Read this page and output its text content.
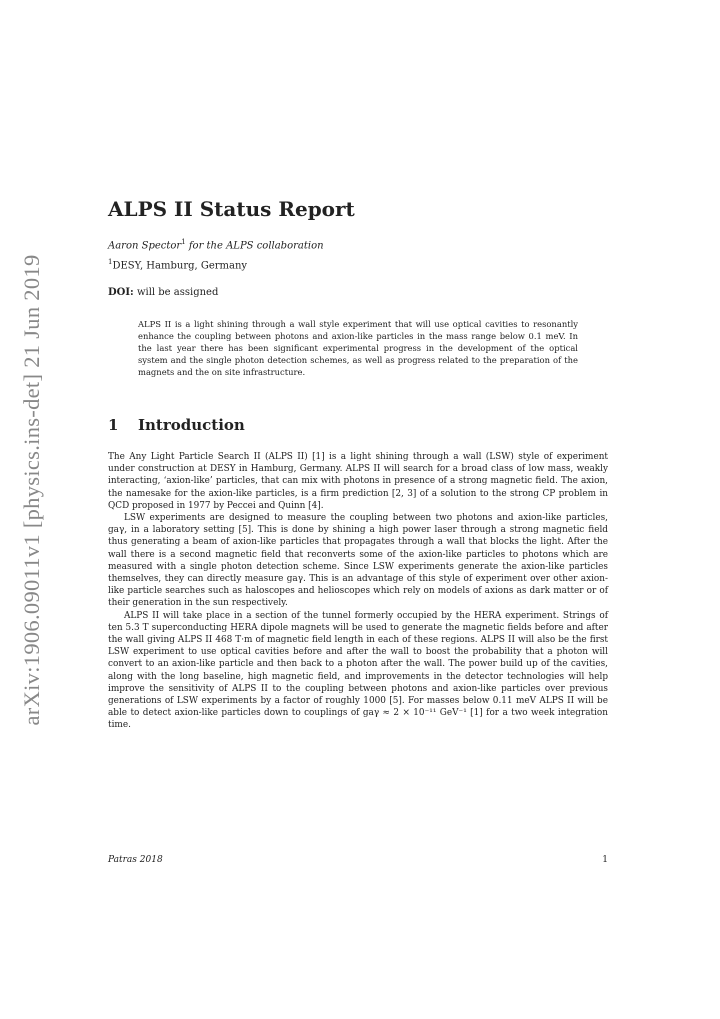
arXiv:1906.09011v1 [physics.ins-det] 21 Jun 2019
ALPS II Status Report
Aaron Spector$^1$ for the ALPS collaboration
$^1$DESY, Hamburg, Germany
DOI: will be assigned

ALPS II is a light shining through a wall style experiment that will use optical cavities to resonantly enhance the coupling between photons and axion-like particles in the mass range below 0.1 meV. In the last year there has been significant experimental progress in the development of the optical system and the single photon detection schemes, as well as progress related to the preparation of the magnets and the on site infrastructure.

1 Introduction

The Any Light Particle Search II (ALPS II) [1] is a light shining through a wall (LSW) style of experiment under construction at DESY in Hamburg, Germany. ALPS II will search for a broad class of low mass, weakly interacting, ‘axion-like’ particles, that can mix with photons in presence of a strong magnetic field. The axion, the namesake for the axion-like particles, is a firm prediction [2, 3] of a solution to the strong CP problem in QCD proposed in 1977 by Peccei and Quinn [4].

LSW experiments are designed to measure the coupling between two photons and axion-like particles, gaγ, in a laboratory setting [5]. This is done by shining a high power laser through a strong magnetic field thus generating a beam of axion-like particles that propagates through a wall that blocks the light. After the wall there is a second magnetic field that reconverts some of the axion-like particles to photons which are measured with a single photon detection scheme. Since LSW experiments generate the axion-like particles themselves, they can directly measure gaγ. This is an advantage of this style of experiment over other axion-like particle searches such as haloscopes and helioscopes which rely on models of axions as dark matter or of their generation in the sun respectively.

ALPS II will take place in a section of the tunnel formerly occupied by the HERA experiment. Strings of ten 5.3 T superconducting HERA dipole magnets will be used to generate the magnetic fields before and after the wall giving ALPS II 468 T·m of magnetic field length in each of these regions. ALPS II will also be the first LSW experiment to use optical cavities before and after the wall to boost the probability that a photon will convert to an axion-like particle and then back to a photon after the wall. The power build up of the cavities, along with the long baseline, high magnetic field, and improvements in the detector technologies will help improve the sensitivity of ALPS II to the coupling between photons and axion-like particles over previous generations of LSW experiments by a factor of roughly 1000 [5]. For masses below 0.11 meV ALPS II will be able to detect axion-like particles down to couplings of gaγ ≈ 2 × 10⁻¹¹ GeV⁻¹ [1] for a two week integration time.

Patras 2018	1
